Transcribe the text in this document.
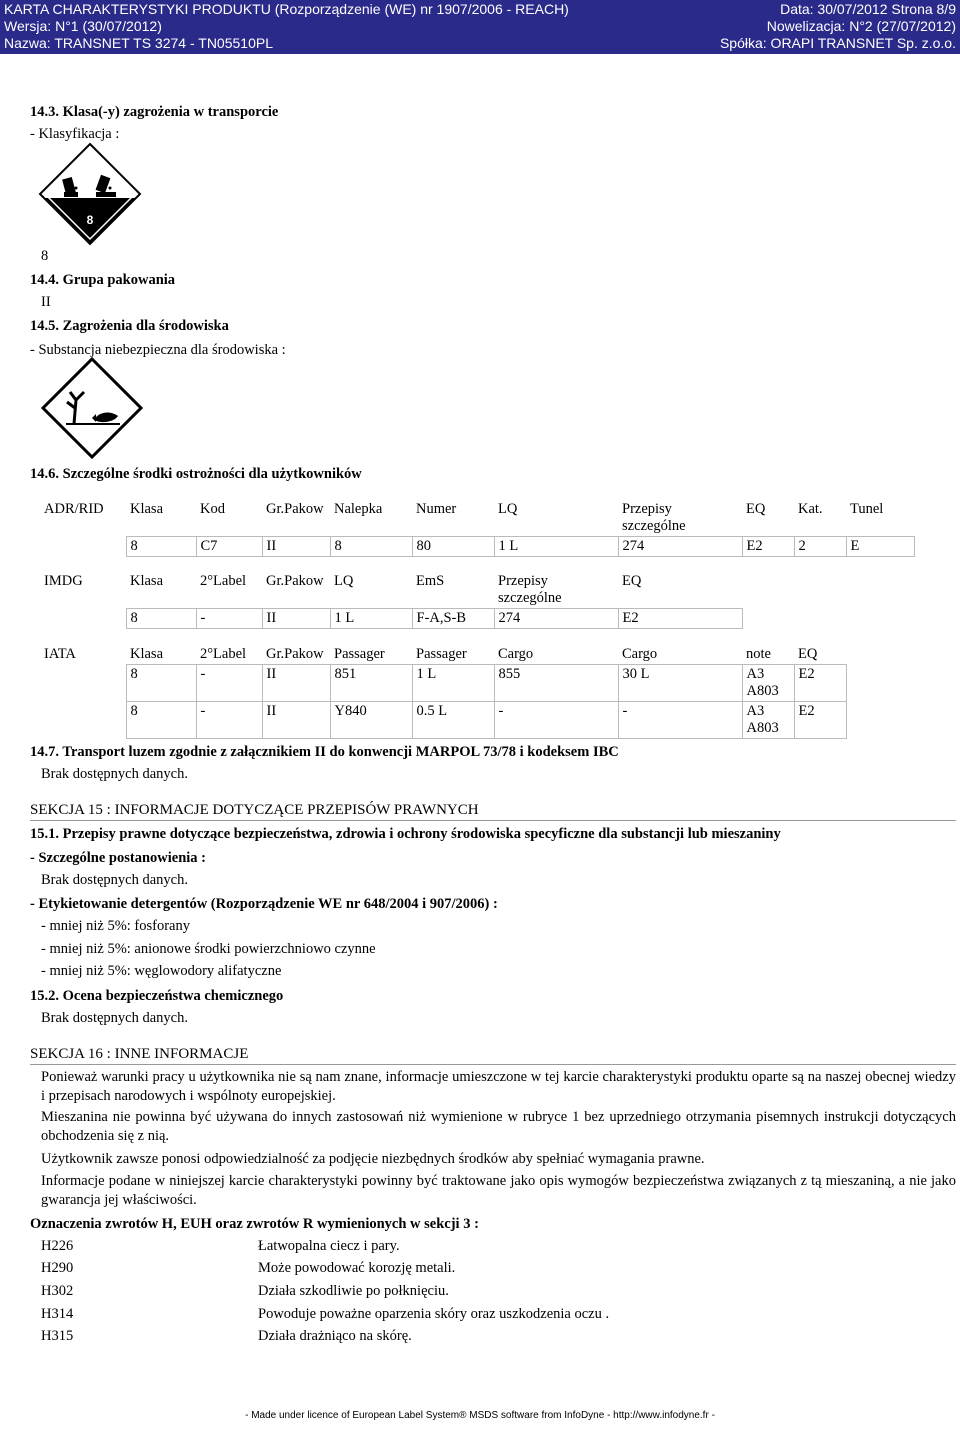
KARTA CHARAKTERYSTYKI PRODUKTU (Rozporządzenie (WE) nr 1907/2006 - REACH)	Data: 30/07/2012 Strona 8/9
Wersja: N°1 (30/07/2012)	Nowelizacja: N°2 (27/07/2012)
Nazwa: TRANSNET TS 3274 - TN05510PL	Spółka: ORAPI TRANSNET Sp. z.o.o.
14.3. Klasa(-y) zagrożenia w transporcie
- Klasyfikacja :
8
8
14.4. Grupa pakowania
II
14.5. Zagrożenia dla środowiska
- Substancja niebezpieczna dla środowiska :
14.6. Szczególne środki ostrożności dla użytkowników
ADR/RID	Klasa	Kod	Gr.Pakow	Nalepka	Numer	LQ	Przepisy szczególne	EQ	Kat.	Tunel
	8	C7	II	8	80	1 L	274	E2	2	E
IMDG	Klasa	2°Label	Gr.Pakow	LQ	EmS	Przepisy szczególne	EQ
	8	-	II	1 L	F-A,S-B	274	E2
IATA	Klasa	2°Label	Gr.Pakow	Passager	Passager	Cargo	Cargo	note	EQ
	8	-	II	851	1 L	855	30 L	A3 A803	E2
	8	-	II	Y840	0.5 L	-	-	A3 A803	E2
14.7. Transport luzem zgodnie z załącznikiem II do konwencji MARPOL 73/78 i kodeksem IBC
Brak dostępnych danych.
SEKCJA 15 : INFORMACJE DOTYCZĄCE PRZEPISÓW PRAWNYCH
15.1. Przepisy prawne dotyczące bezpieczeństwa, zdrowia i ochrony środowiska specyficzne dla substancji lub mieszaniny
- Szczególne postanowienia :
Brak dostępnych danych.
- Etykietowanie detergentów (Rozporządzenie WE nr 648/2004 i 907/2006) :
- mniej niż 5%: fosforany
- mniej niż 5%: anionowe środki powierzchniowo czynne
- mniej niż 5%: węglowodory alifatyczne
15.2. Ocena bezpieczeństwa chemicznego
Brak dostępnych danych.
SEKCJA 16 : INNE INFORMACJE
Ponieważ warunki pracy u użytkownika nie są nam znane, informacje umieszczone w tej karcie charakterystyki produktu oparte są na naszej obecnej wiedzy i przepisach narodowych i wspólnoty europejskiej.
Mieszanina nie powinna być używana do innych zastosowań niż wymienione w rubryce 1 bez uprzedniego otrzymania pisemnych instrukcji dotyczących obchodzenia się z nią.
Użytkownik zawsze ponosi odpowiedzialność za podjęcie niezbędnych środków aby spełniać wymagania prawne.
Informacje podane w niniejszej karcie charakterystyki powinny być traktowane jako opis wymogów bezpieczeństwa związanych z tą mieszaniną, a nie jako gwarancja jej właściwości.
Oznaczenia zwrotów H, EUH oraz zwrotów R wymienionych w sekcji 3 :
H226	Łatwopalna ciecz i pary.
H290	Może powodować korozję metali.
H302	Działa szkodliwie po połknięciu.
H314	Powoduje poważne oparzenia skóry oraz uszkodzenia oczu .
H315	Działa drażniąco na skórę.
- Made under licence of European Label System® MSDS software from InfoDyne - http://www.infodyne.fr -
